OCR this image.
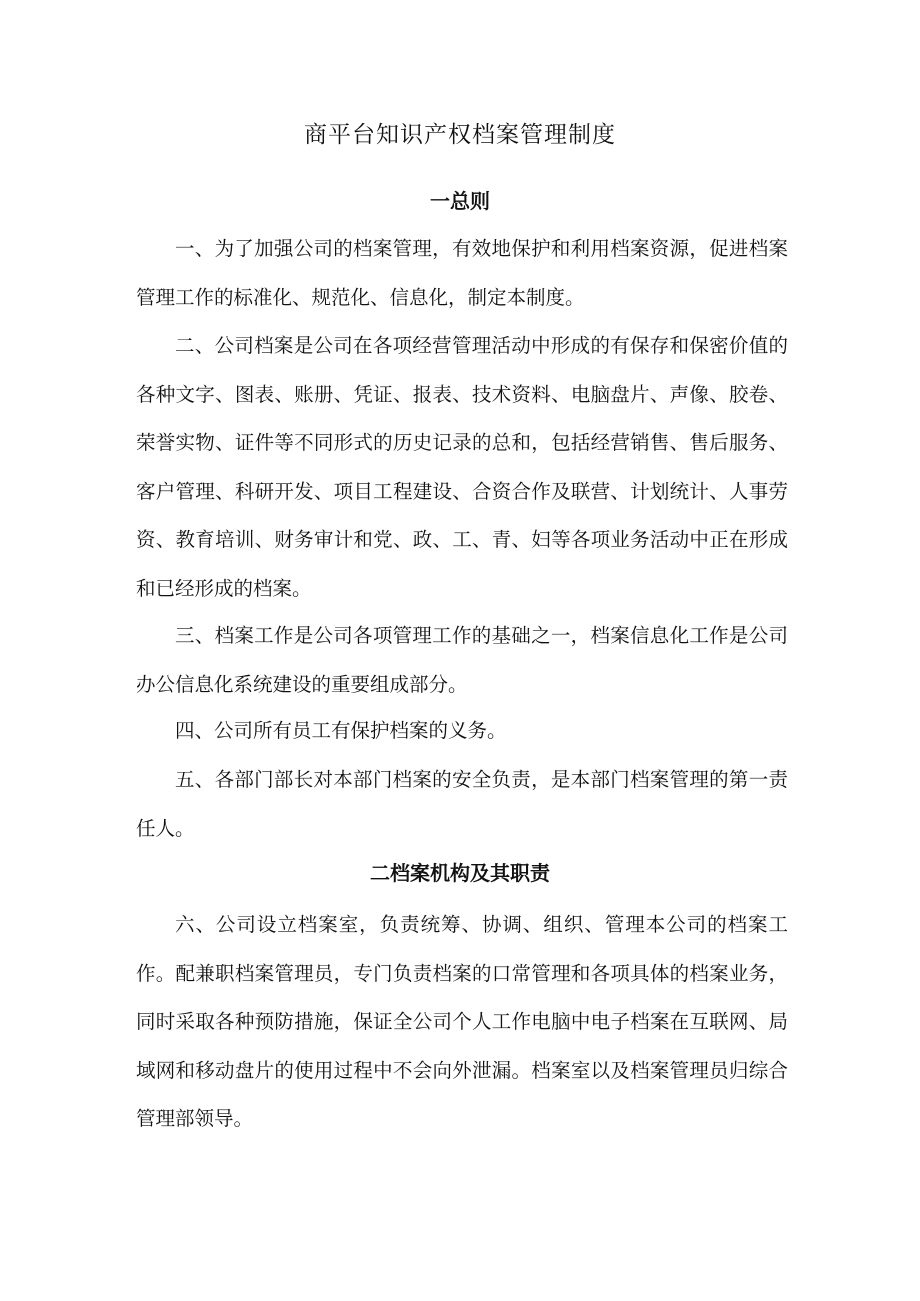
商平台知识产权档案管理制度
一总则

一、为了加强公司的档案管理，有效地保护和利用档案资源，促进档案管理工作的标准化、规范化、信息化，制定本制度。

二、公司档案是公司在各项经营管理活动中形成的有保存和保密价值的各种文字、图表、账册、凭证、报表、技术资料、电脑盘片、声像、胶卷、荣誉实物、证件等不同形式的历史记录的总和，包括经营销售、售后服务、客户管理、科研开发、项目工程建设、合资合作及联营、计划统计、人事劳资、教育培训、财务审计和党、政、工、青、妇等各项业务活动中正在形成和已经形成的档案。

三、档案工作是公司各项管理工作的基础之一，档案信息化工作是公司办公信息化系统建设的重要组成部分。

四、公司所有员工有保护档案的义务。

五、各部门部长对本部门档案的安全负责，是本部门档案管理的第一责任人。

二档案机构及其职责

六、公司设立档案室，负责统筹、协调、组织、管理本公司的档案工作。配兼职档案管理员，专门负责档案的口常管理和各项具体的档案业务，同时采取各种预防措施，保证全公司个人工作电脑中电子档案在互联网、局域网和移动盘片的使用过程中不会向外泄漏。档案室以及档案管理员归综合管理部领导。
